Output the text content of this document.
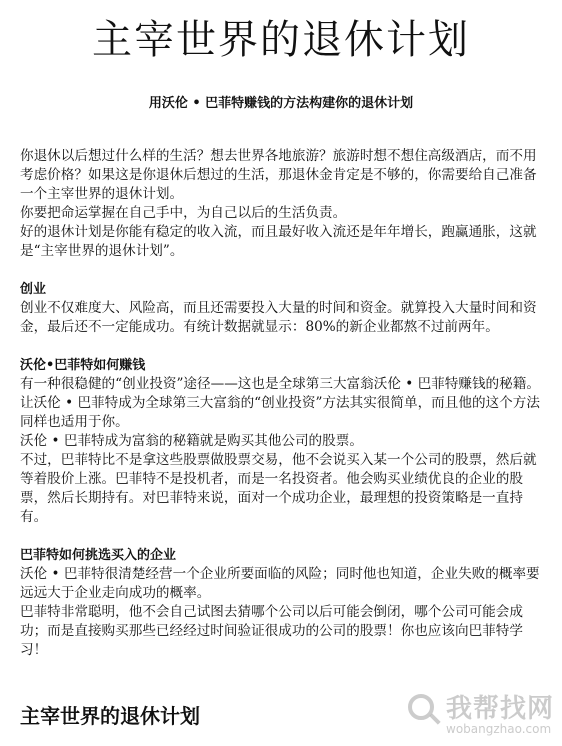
主宰世界的退休计划
用沃伦 • 巴菲特赚钱的方法构建你的退休计划

你退休以后想过什么样的生活？想去世界各地旅游？旅游时想不想住高级酒店，而不用考虑价格？如果这是你退休后想过的生活，那退休金肯定是不够的，你需要给自己准备一个主宰世界的退休计划。

你要把命运掌握在自己手中，为自己以后的生活负责。

好的退休计划是你能有稳定的收入流，而且最好收入流还是年年增长，跑赢通胀，这就是“主宰世界的退休计划”。

创业

创业不仅难度大、风险高，而且还需要投入大量的时间和资金。就算投入大量时间和资金，最后还不一定能成功。有统计数据就显示：80%的新企业都熬不过前两年。

沃伦•巴菲特如何赚钱

有一种很稳健的“创业投资”途径——这也是全球第三大富翁沃伦 • 巴菲特赚钱的秘籍。

让沃伦 • 巴菲特成为全球第三大富翁的“创业投资”方法其实很简单，而且他的这个方法同样也适用于你。

沃伦 • 巴菲特成为富翁的秘籍就是购买其他公司的股票。

不过，巴菲特比不是拿这些股票做股票交易，他不会说买入某一个公司的股票，然后就等着股价上涨。巴菲特不是投机者，而是一名投资者。他会购买业绩优良的企业的股票，然后长期持有。对巴菲特来说，面对一个成功企业，最理想的投资策略是一直持有。

巴菲特如何挑选买入的企业

沃伦 • 巴菲特很清楚经营一个企业所要面临的风险；同时他也知道，企业失败的概率要远远大于企业走向成功的概率。

巴菲特非常聪明，他不会自己试图去猜哪个公司以后可能会倒闭，哪个公司可能会成功；而是直接购买那些已经经过时间验证很成功的公司的股票！你也应该向巴菲特学习！

主宰世界的退休计划	我帮找网
wobangzhao.com
